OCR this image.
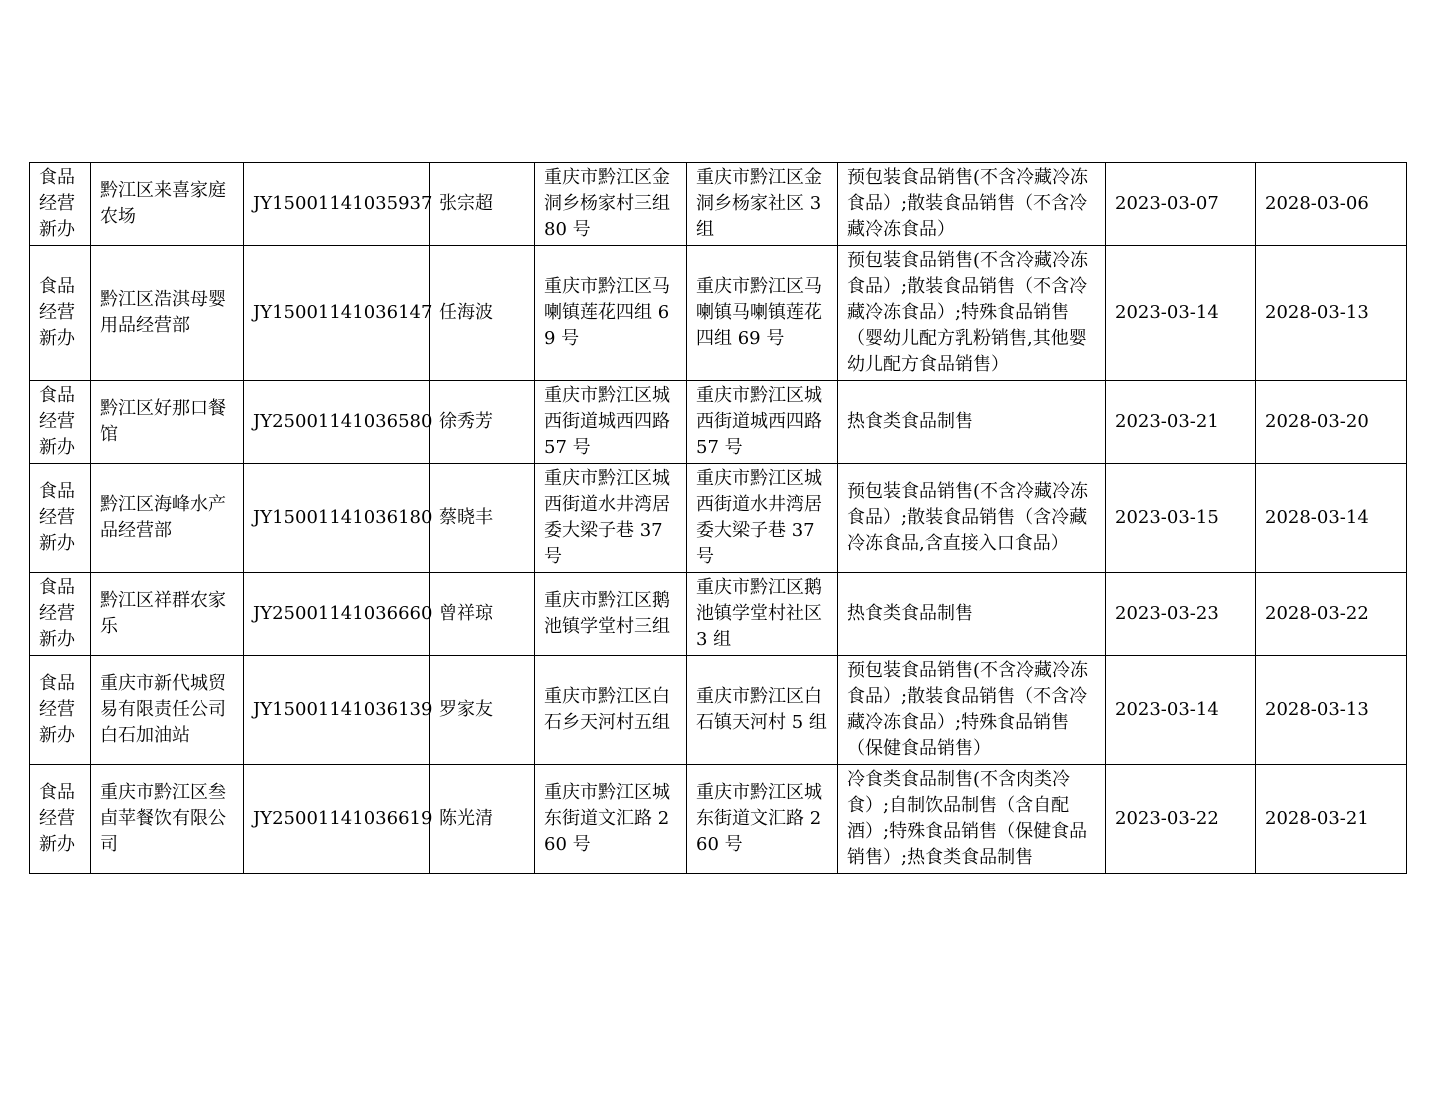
食品经营新办	黔江区来喜家庭农场	JY15001141035937	张宗超	重庆市黔江区金洞乡杨家村三组 80 号	重庆市黔江区金洞乡杨家社区 3 组	预包装食品销售(不含冷藏冷冻食品）;散装食品销售（不含冷藏冷冻食品）	2023-03-07	2028-03-06
食品经营新办	黔江区浩淇母婴用品经营部	JY15001141036147	任海波	重庆市黔江区马喇镇莲花四组 69 号	重庆市黔江区马喇镇马喇镇莲花四组 69 号	预包装食品销售(不含冷藏冷冻食品）;散装食品销售（不含冷藏冷冻食品）;特殊食品销售（婴幼儿配方乳粉销售,其他婴幼儿配方食品销售）	2023-03-14	2028-03-13
食品经营新办	黔江区好那口餐馆	JY25001141036580	徐秀芳	重庆市黔江区城西街道城西四路 57 号	重庆市黔江区城西街道城西四路 57 号	热食类食品制售	2023-03-21	2028-03-20
食品经营新办	黔江区海峰水产品经营部	JY15001141036180	蔡晓丰	重庆市黔江区城西街道水井湾居委大梁子巷 37 号	重庆市黔江区城西街道水井湾居委大梁子巷 37 号	预包装食品销售(不含冷藏冷冻食品）;散装食品销售（含冷藏冷冻食品,含直接入口食品）	2023-03-15	2028-03-14
食品经营新办	黔江区祥群农家乐	JY25001141036660	曾祥琼	重庆市黔江区鹅池镇学堂村三组	重庆市黔江区鹅池镇学堂村社区 3 组	热食类食品制售	2023-03-23	2028-03-22
食品经营新办	重庆市新代城贸易有限责任公司白石加油站	JY15001141036139	罗家友	重庆市黔江区白石乡天河村五组	重庆市黔江区白石镇天河村 5 组	预包装食品销售(不含冷藏冷冻食品）;散装食品销售（不含冷藏冷冻食品）;特殊食品销售（保健食品销售）	2023-03-14	2028-03-13
食品经营新办	重庆市黔江区叁卣苹餐饮有限公司	JY25001141036619	陈光清	重庆市黔江区城东街道文汇路 260 号	重庆市黔江区城东街道文汇路 260 号	冷食类食品制售(不含肉类冷食）;自制饮品制售（含自配酒）;特殊食品销售（保健食品销售）;热食类食品制售	2023-03-22	2028-03-21
